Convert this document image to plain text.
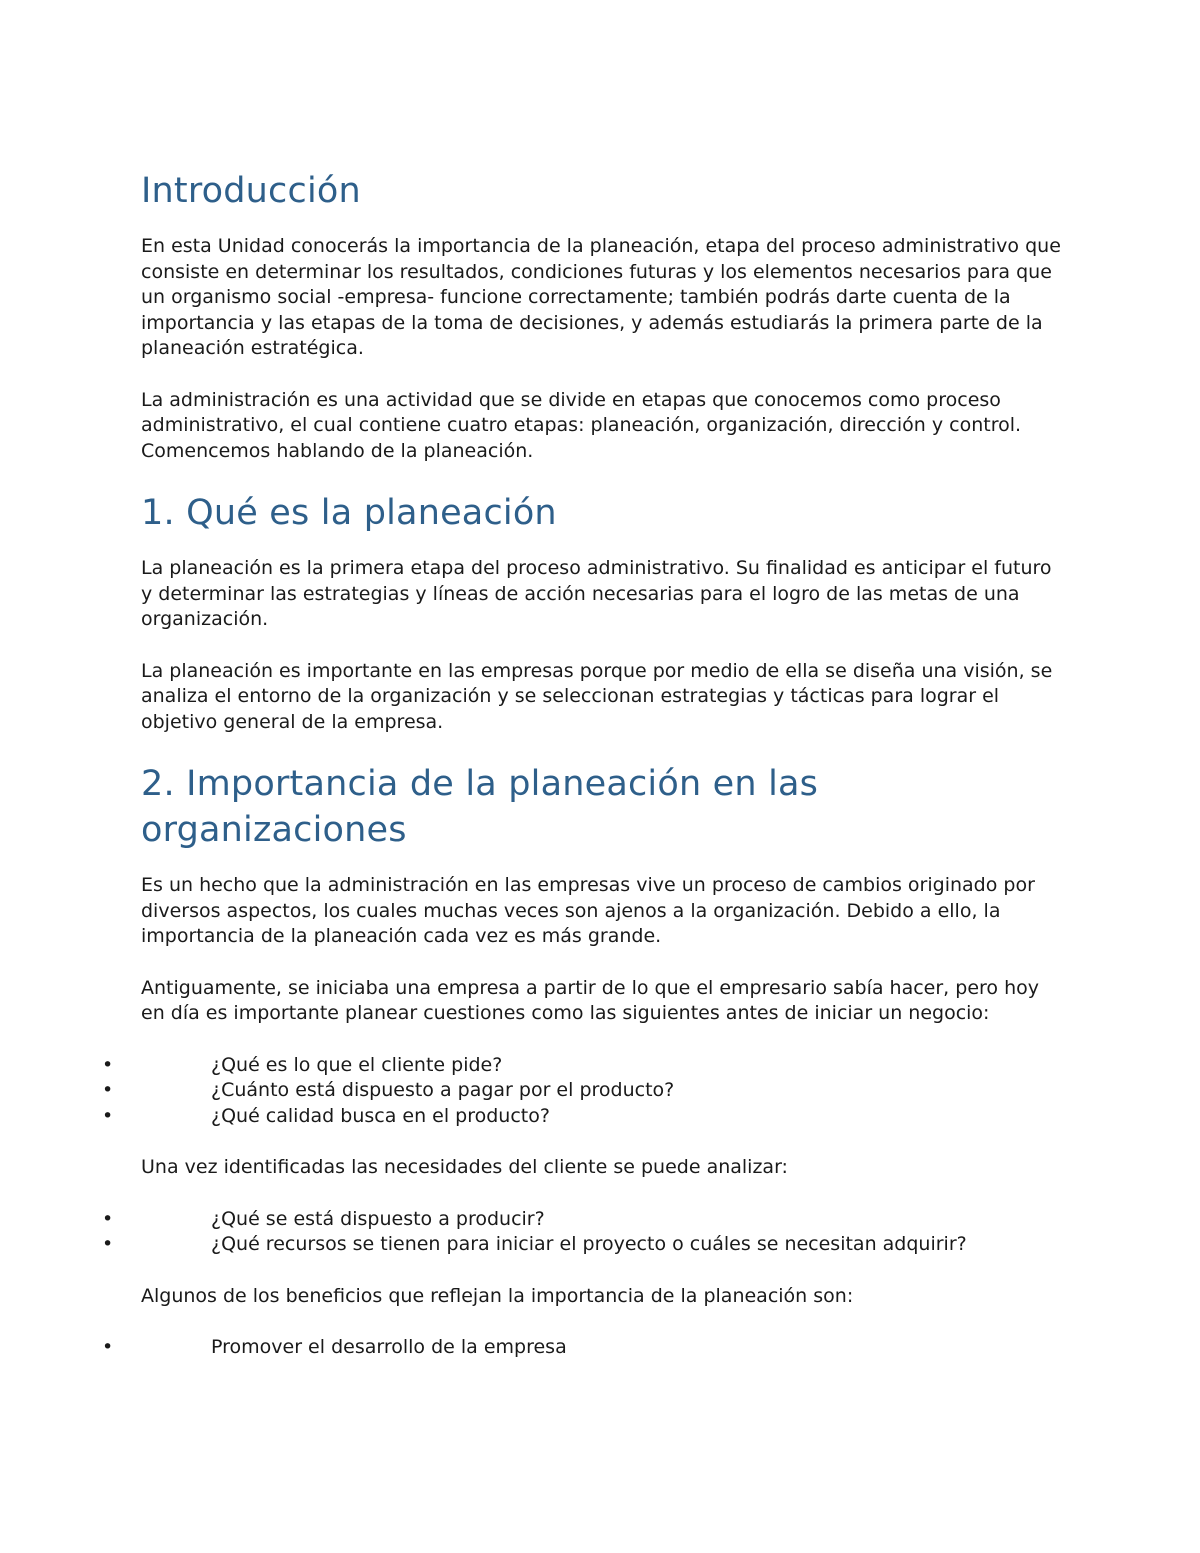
Introducción

En esta Unidad conocerás la importancia de la planeación, etapa del proceso administrativo que consiste en determinar los resultados, condiciones futuras y los elementos necesarios para que un organismo social -empresa- funcione correctamente; también podrás darte cuenta de la importancia y las etapas de la toma de decisiones, y además estudiarás la primera parte de la planeación estratégica.

La administración es una actividad que se divide en etapas que conocemos como proceso administrativo, el cual contiene cuatro etapas: planeación, organización, dirección y control. Comencemos hablando de la planeación.

1. Qué es la planeación

La planeación es la primera etapa del proceso administrativo. Su finalidad es anticipar el futuro y determinar las estrategias y líneas de acción necesarias para el logro de las metas de una organización.

La planeación es importante en las empresas porque por medio de ella se diseña una visión, se analiza el entorno de la organización y se seleccionan estrategias y tácticas para lograr el objetivo general de la empresa.

2. Importancia de la planeación en las organizaciones

Es un hecho que la administración en las empresas vive un proceso de cambios originado por diversos aspectos, los cuales muchas veces son ajenos a la organización. Debido a ello, la importancia de la planeación cada vez es más grande.

Antiguamente, se iniciaba una empresa a partir de lo que el empresario sabía hacer, pero hoy en día es importante planear cuestiones como las siguientes antes de iniciar un negocio:

•	¿Qué es lo que el cliente pide?
•	¿Cuánto está dispuesto a pagar por el producto?
•	¿Qué calidad busca en el producto?

Una vez identificadas las necesidades del cliente se puede analizar:

•	¿Qué se está dispuesto a producir?
•	¿Qué recursos se tienen para iniciar el proyecto o cuáles se necesitan adquirir?

Algunos de los beneficios que reflejan la importancia de la planeación son:

•	Promover el desarrollo de la empresa
